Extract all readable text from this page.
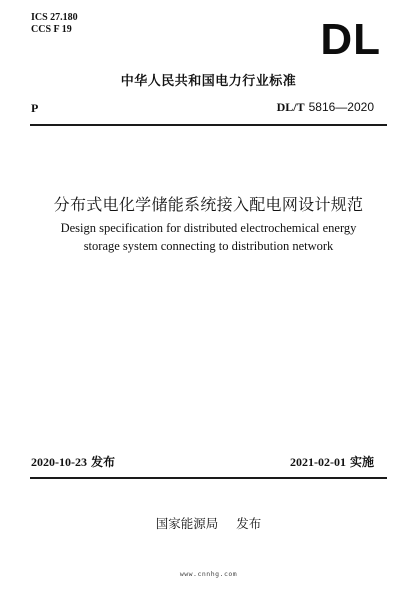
ICS 27.180
CCS F 19	DL
中华人民共和国电力行业标准
P	DL/T 5816—2020
分布式电化学储能系统接入配电网设计规范
Design specification for distributed electrochemical energy
storage system connecting to distribution network
2020-10-23 发布	2021-02-01 实施
国家能源局 发布
www.cnnhg.com
